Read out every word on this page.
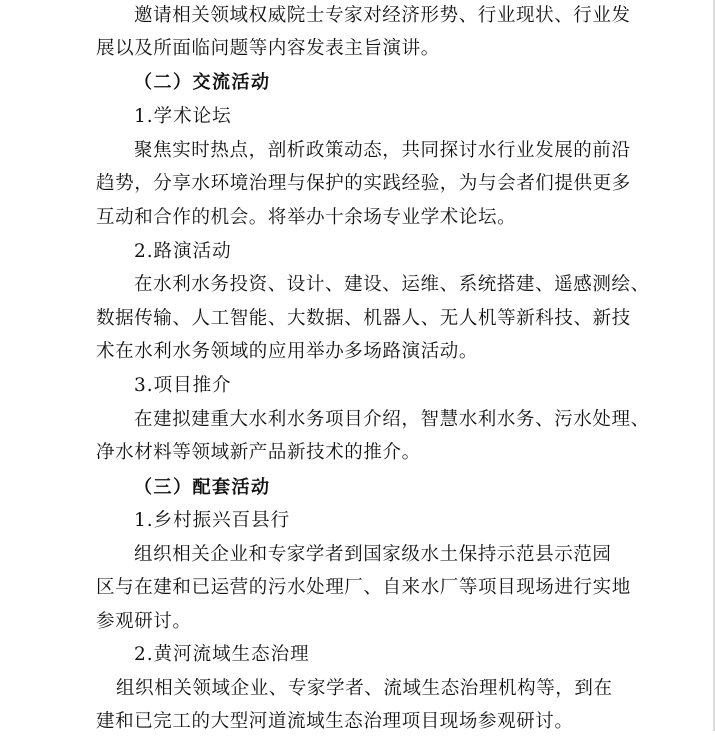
邀请相关领域权威院士专家对经济形势、行业现状、行业发
展以及所面临问题等内容发表主旨演讲。
（二）交流活动
1.学术论坛
聚焦实时热点，剖析政策动态，共同探讨水行业发展的前沿
趋势，分享水环境治理与保护的实践经验，为与会者们提供更多
互动和合作的机会。将举办十余场专业学术论坛。
2.路演活动
在水利水务投资、设计、建设、运维、系统搭建、遥感测绘、
数据传输、人工智能、大数据、机器人、无人机等新科技、新技
术在水利水务领域的应用举办多场路演活动。
3.项目推介
在建拟建重大水利水务项目介绍，智慧水利水务、污水处理、
净水材料等领域新产品新技术的推介。
（三）配套活动
1.乡村振兴百县行
组织相关企业和专家学者到国家级水土保持示范县示范园
区与在建和已运营的污水处理厂、自来水厂等项目现场进行实地
参观研讨。
2.黄河流域生态治理
组织相关领域企业、专家学者、流域生态治理机构等，到在
建和已完工的大型河道流域生态治理项目现场参观研讨。
